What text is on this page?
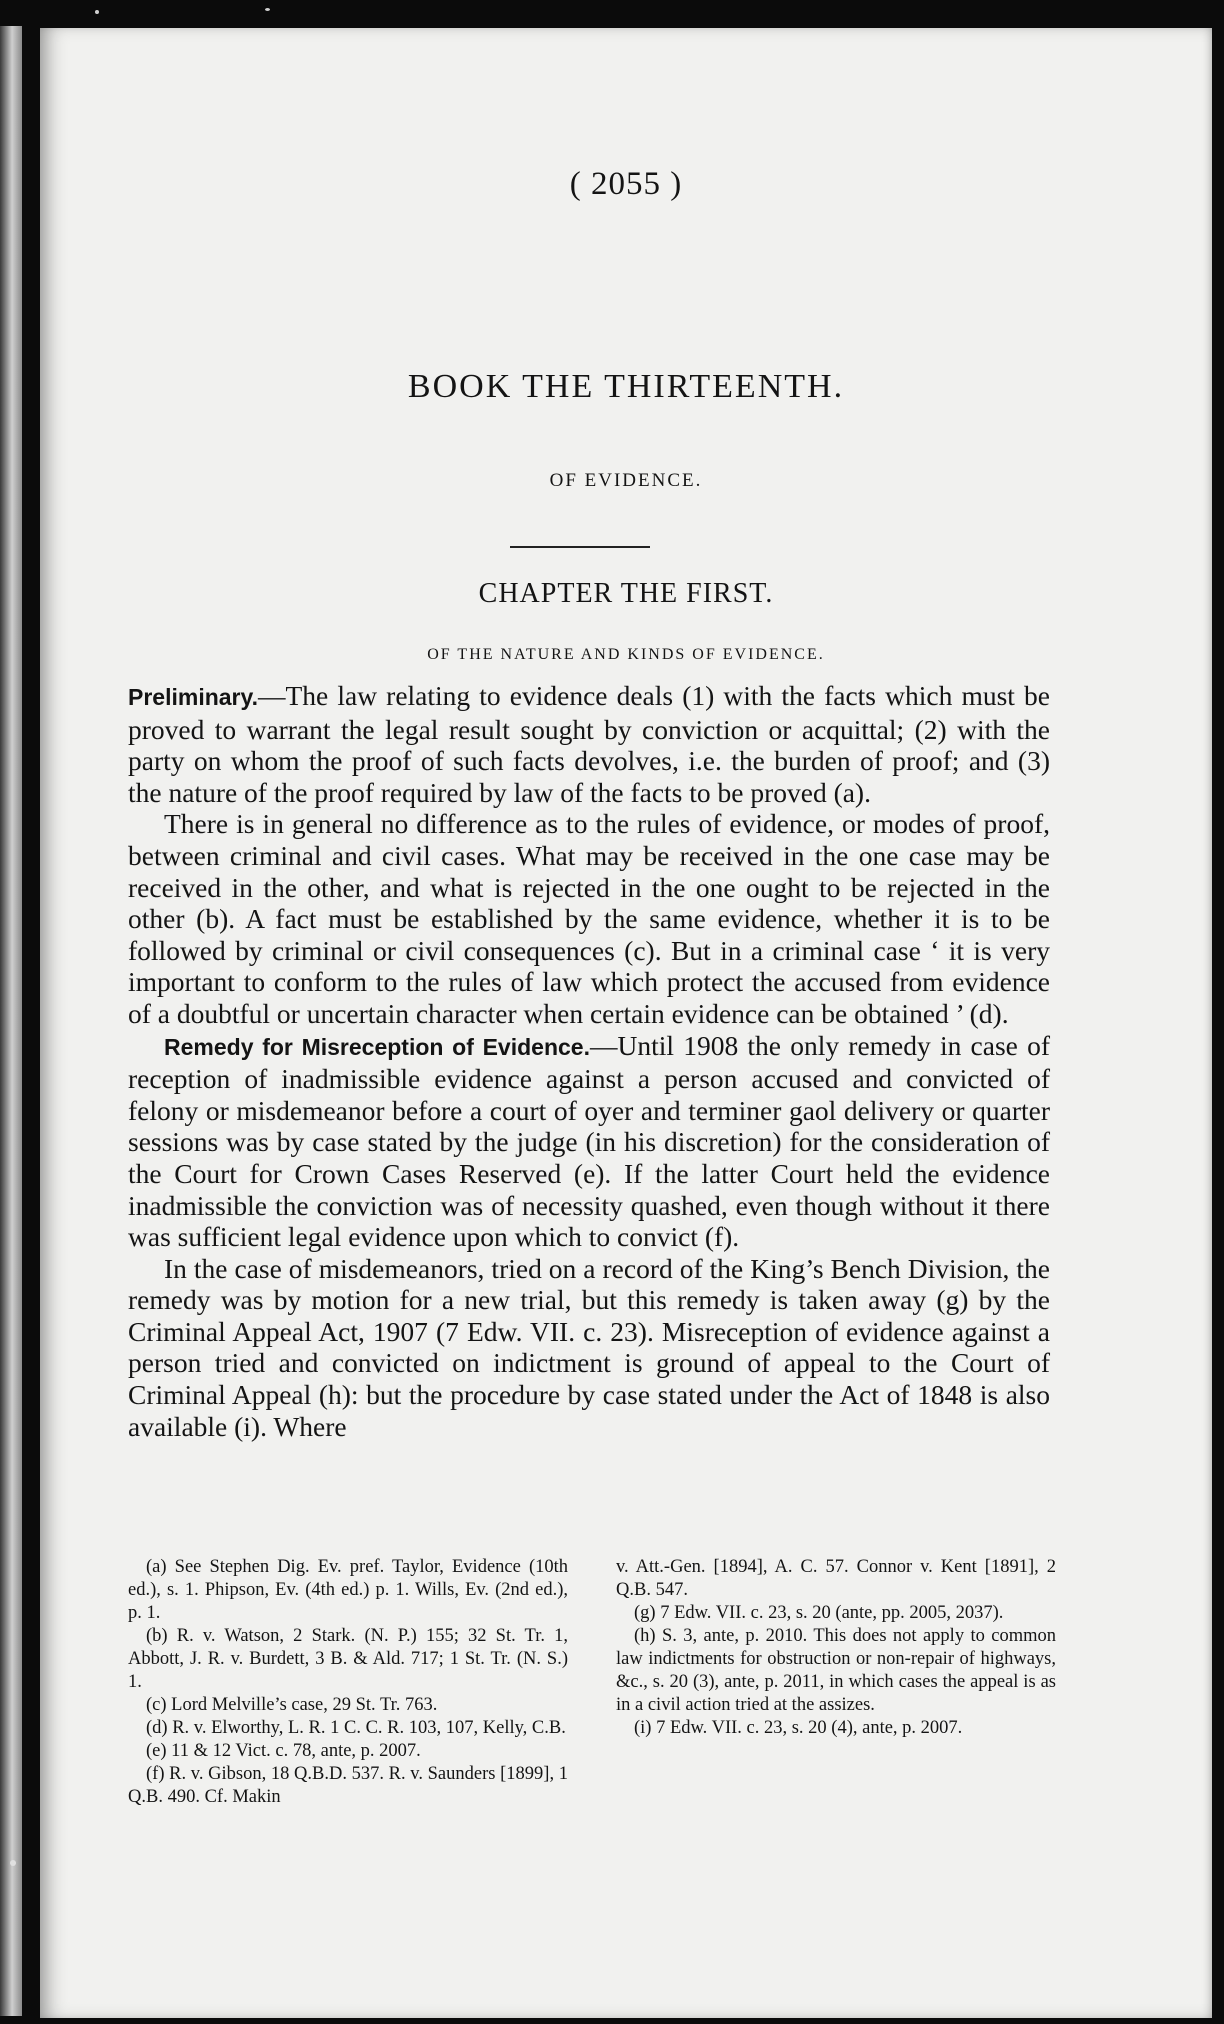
( 2055 )
BOOK THE THIRTEENTH.
OF EVIDENCE.
CHAPTER THE FIRST.
OF THE NATURE AND KINDS OF EVIDENCE.

Preliminary.—The law relating to evidence deals (1) with the facts which must be proved to warrant the legal result sought by conviction or acquittal; (2) with the party on whom the proof of such facts devolves, i.e. the burden of proof; and (3) the nature of the proof required by law of the facts to be proved (a).

There is in general no difference as to the rules of evidence, or modes of proof, between criminal and civil cases. What may be received in the one case may be received in the other, and what is rejected in the one ought to be rejected in the other (b). A fact must be established by the same evidence, whether it is to be followed by criminal or civil consequences (c). But in a criminal case ‘ it is very important to conform to the rules of law which protect the accused from evidence of a doubtful or uncertain character when certain evidence can be obtained ’ (d).

Remedy for Misreception of Evidence.—Until 1908 the only remedy in case of reception of inadmissible evidence against a person accused and convicted of felony or misdemeanor before a court of oyer and terminer gaol delivery or quarter sessions was by case stated by the judge (in his discretion) for the consideration of the Court for Crown Cases Reserved (e). If the latter Court held the evidence inadmissible the conviction was of necessity quashed, even though without it there was sufficient legal evidence upon which to convict (f).

In the case of misdemeanors, tried on a record of the King’s Bench Division, the remedy was by motion for a new trial, but this remedy is taken away (g) by the Criminal Appeal Act, 1907 (7 Edw. VII. c. 23). Misreception of evidence against a person tried and convicted on indictment is ground of appeal to the Court of Criminal Appeal (h): but the procedure by case stated under the Act of 1848 is also available (i). Where

(a) See Stephen Dig. Ev. pref. Taylor, Evidence (10th ed.), s. 1. Phipson, Ev. (4th ed.) p. 1. Wills, Ev. (2nd ed.), p. 1.

(b) R. v. Watson, 2 Stark. (N. P.) 155; 32 St. Tr. 1, Abbott, J. R. v. Burdett, 3 B. & Ald. 717; 1 St. Tr. (N. S.) 1.

(c) Lord Melville’s case, 29 St. Tr. 763.

(d) R. v. Elworthy, L. R. 1 C. C. R. 103, 107, Kelly, C.B.

(e) 11 & 12 Vict. c. 78, ante, p. 2007.

(f) R. v. Gibson, 18 Q.B.D. 537. R. v. Saunders [1899], 1 Q.B. 490. Cf. Makin

v. Att.-Gen. [1894], A. C. 57. Connor v. Kent [1891], 2 Q.B. 547.

(g) 7 Edw. VII. c. 23, s. 20 (ante, pp. 2005, 2037).

(h) S. 3, ante, p. 2010. This does not apply to common law indictments for obstruction or non-repair of highways, &c., s. 20 (3), ante, p. 2011, in which cases the appeal is as in a civil action tried at the assizes.

(i) 7 Edw. VII. c. 23, s. 20 (4), ante, p. 2007.
